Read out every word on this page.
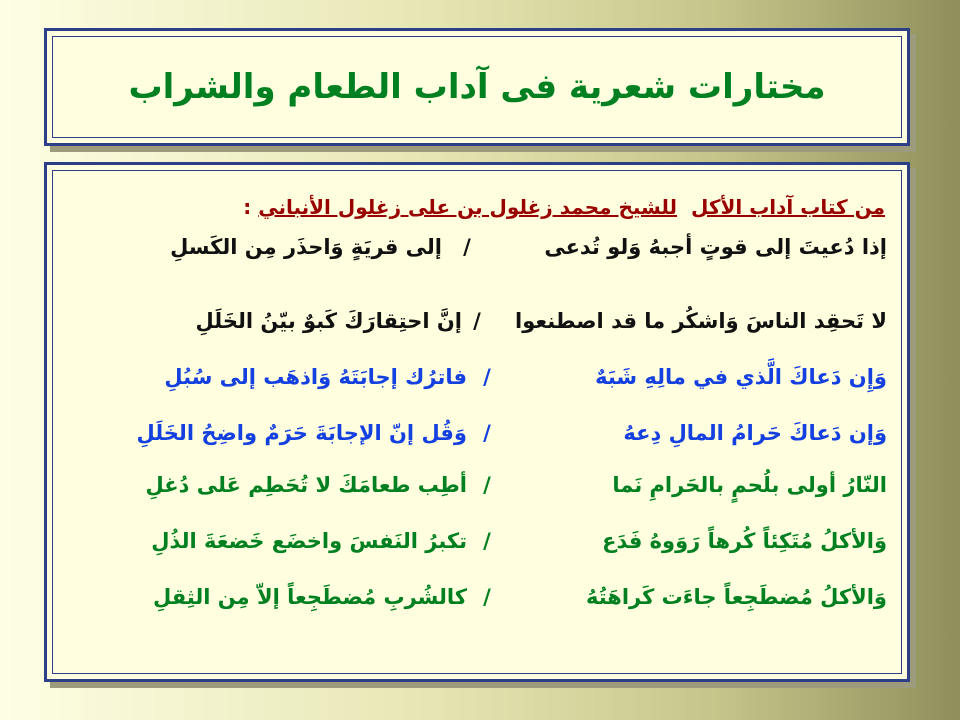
مختارات شعرية فى آداب الطعام والشراب
من كتاب آداب الأكل  للشيخ محمد زغلول بن على زغلول الأنباني :
إذا دُعيتَ إلى قوتٍ أجبهُ وَلو تُدعى
/
إلى قريَةٍ وَاحذَر مِن الكَسلِ
لا تَحقِد الناسَ وَاشكُر ما قد اصطنعوا
/
إنَّ احتِقارَكَ كَبوٌ بيّنُ الخَلَلِ
وَإِن دَعاكَ الَّذي في مالِهِ شَبَهٌ
/
فاترُك إجابَتَهُ وَاذهَب إلى سُبُلِ
وَإن دَعاكَ حَرامُ المالِ دِعهُ
/
وَقُل إنّ الإجابَةَ حَرَمٌ واضِحُ الخَلَلِ
النّارُ أولى بلُحمٍ بالحَرامِ نَما
/
أطِب طعامَكَ لا تُحَطِم عَلى دُغلِ
وَالأكلُ مُتَكِئاً كُرهاً رَوَوهُ فَدَع
/
تكبرُ النَفسَ واخضَع خَضعَةَ الذُلِ
وَالأكلُ مُضطَجِعاً جاءَت كَراهَتُهُ
/
كالشُربِ مُضطَجِعاً إلاّ مِن الثِقلِ
